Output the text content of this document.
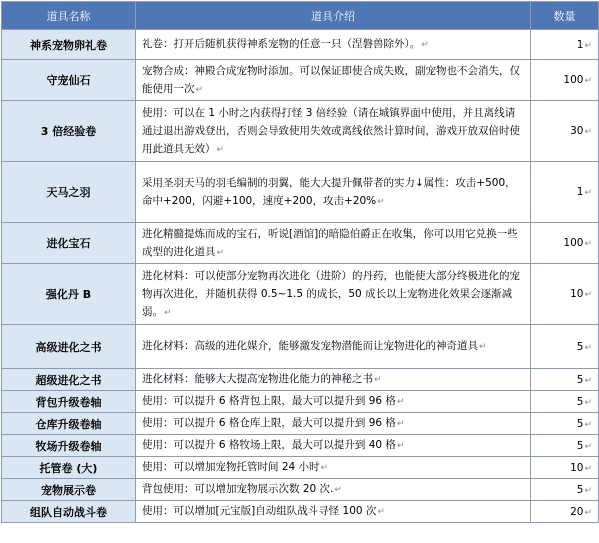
道具名称	道具介绍	数量
神系宠物卵礼卷	礼卷：打开后随机获得神系宠物的任意一只（涅磐兽除外）。↵	1↵
守宠仙石	宠物合成：神殿合成宠物时添加。可以保证即使合成失败，副宠物也不会消失，仅能使用一次↵	100↵
3 倍经验卷	使用：可以在 1 小时之内获得打怪 3 倍经验（请在城镇界面中使用，并且离线请通过退出游戏登出，否则会导致使用失效或离线依然计算时间，游戏开放双倍时使用此道具无效）↵	30↵
天马之羽	采用圣羽天马的羽毛编制的羽翼，能大大提升佩带者的实力↓属性：攻击+500，命中+200，闪避+100，速度+200，攻击+20%↵	1↵
进化宝石	进化精髓提炼而成的宝石，听说[酒馆]的暗隐伯爵正在收集，你可以用它兑换一些成型的进化道具↵	100↵
强化丹 B	进化材料：可以使部分宠物再次进化（进阶）的丹药，也能使大部分终极进化的宠物再次进化，并随机获得 0.5~1.5 的成长，50 成长以上宠物进化效果会逐渐减弱。↵	10↵
高级进化之书	进化材料：高级的进化媒介，能够激发宠物潜能而让宠物进化的神奇道具↵	5↵
超级进化之书	进化材料：能够大大提高宠物进化能力的神秘之书↵	5↵
背包升级卷轴	使用：可以提升 6 格背包上限，最大可以提升到 96 格↵	5↵
仓库升级卷轴	使用：可以提升 6 格仓库上限，最大可以提升到 96 格↵	5↵
牧场升级卷轴	使用：可以提升 6 格牧场上限，最大可以提升到 40 格↵	5↵
托管卷 (大)	使用：可以增加宠物托管时间 24 小时↵	10↵
宠物展示卷	背包使用：可以增加宠物展示次数 20 次.↵	5↵
组队自动战斗卷	使用：可以增加[元宝版]自动组队战斗寻怪 100 次↵	20↵
